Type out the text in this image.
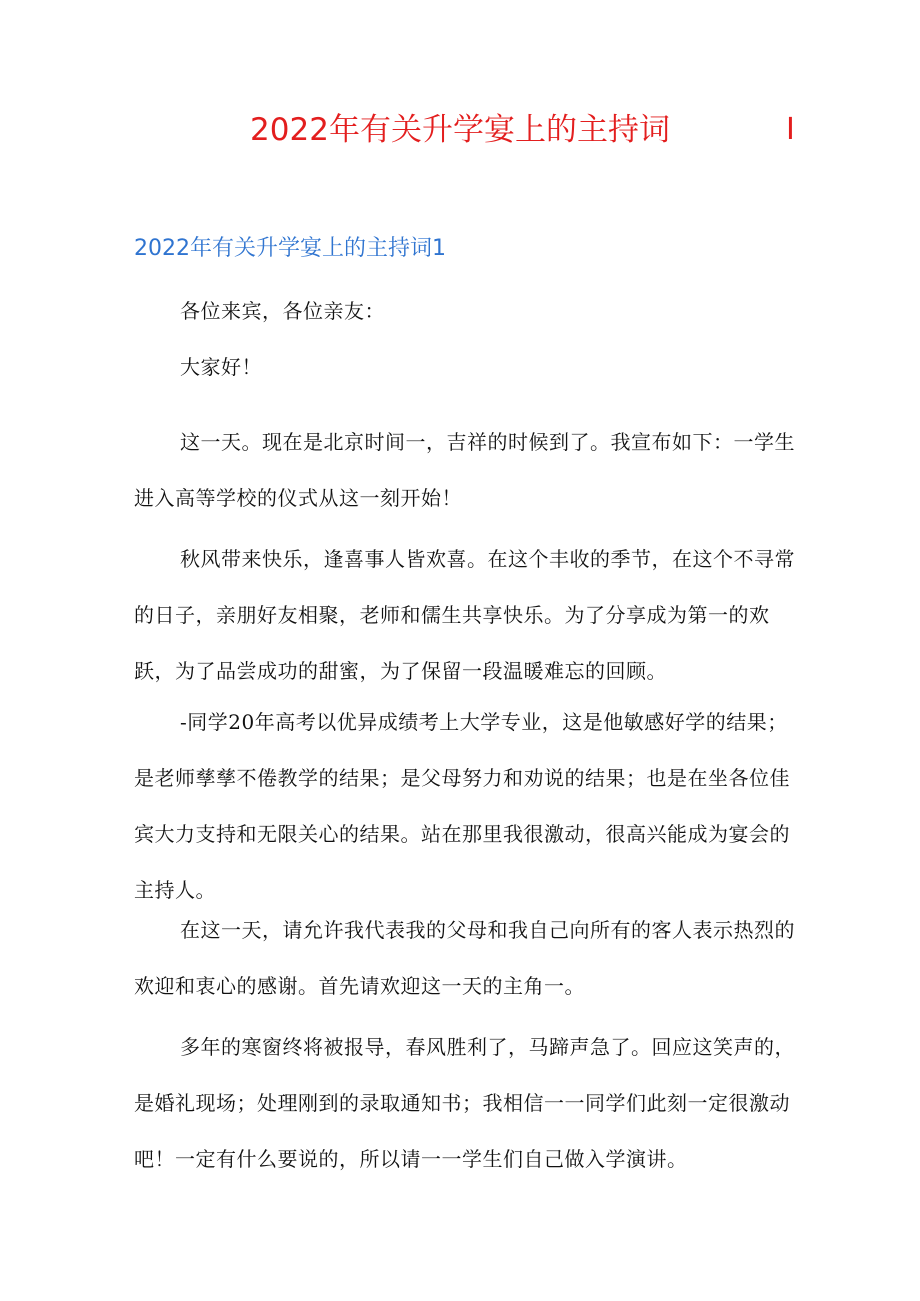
2022年有关升学宴上的主持词	I
2022年有关升学宴上的主持词1

各位来宾，各位亲友：

大家好！

这一天。现在是北京时间一，吉祥的时候到了。我宣布如下：一学生进入高等学校的仪式从这一刻开始！

秋风带来快乐，逢喜事人皆欢喜。在这个丰收的季节，在这个不寻常的日子，亲朋好友相聚，老师和儒生共享快乐。为了分享成为第一的欢跃，为了品尝成功的甜蜜，为了保留一段温暖难忘的回顾。

-同学20年高考以优异成绩考上大学专业，这是他敏感好学的结果；是老师孳孳不倦教学的结果；是父母努力和劝说的结果；也是在坐各位佳宾大力支持和无限关心的结果。站在那里我很激动，很高兴能成为宴会的主持人。

在这一天，请允许我代表我的父母和我自己向所有的客人表示热烈的欢迎和衷心的感谢。首先请欢迎这一天的主角一。

多年的寒窗终将被报导，春风胜利了，马蹄声急了。回应这笑声的，是婚礼现场；处理刚到的录取通知书；我相信一一同学们此刻一定很激动吧！一定有什么要说的，所以请一一学生们自己做入学演讲。
